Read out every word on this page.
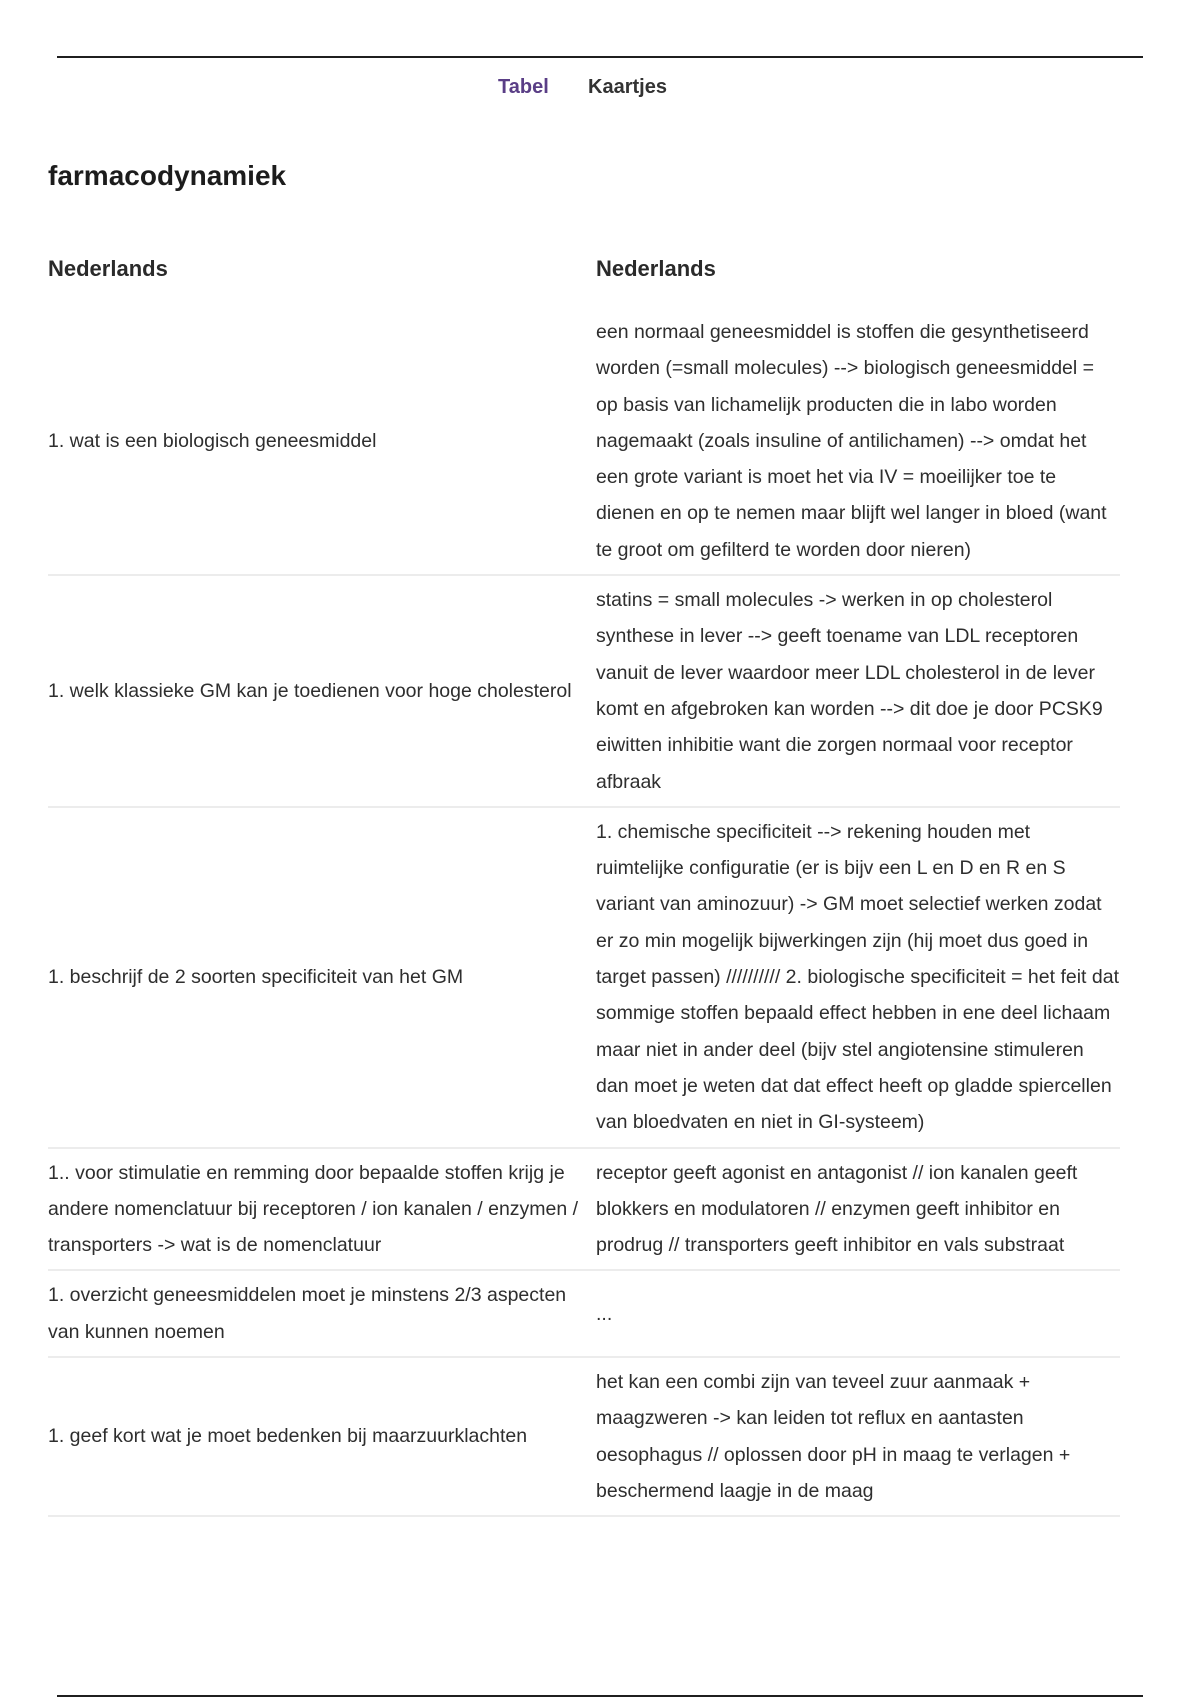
Tabel Kaartjes
farmacodynamiek
Nederlands	Nederlands
1. wat is een biologisch geneesmiddel
een normaal geneesmiddel is stoffen die gesynthetiseerd worden (=small molecules) --> biologisch geneesmiddel = op basis van lichamelijk producten die in labo worden nagemaakt (zoals insuline of antilichamen) --> omdat het een grote variant is moet het via IV = moeilijker toe te dienen en op te nemen maar blijft wel langer in bloed (want te groot om gefilterd te worden door nieren)
1. welk klassieke GM kan je toedienen voor hoge cholesterol
statins = small molecules -> werken in op cholesterol synthese in lever --> geeft toename van LDL receptoren vanuit de lever waardoor meer LDL cholesterol in de lever komt en afgebroken kan worden --> dit doe je door PCSK9 eiwitten inhibitie want die zorgen normaal voor receptor afbraak
1. beschrijf de 2 soorten specificiteit van het GM
1. chemische specificiteit --> rekening houden met ruimtelijke configuratie (er is bijv een L en D en R en S variant van aminozuur) -> GM moet selectief werken zodat er zo min mogelijk bijwerkingen zijn (hij moet dus goed in target passen) ////////// 2. biologische specificiteit = het feit dat sommige stoffen bepaald effect hebben in ene deel lichaam maar niet in ander deel (bijv stel angiotensine stimuleren dan moet je weten dat dat effect heeft op gladde spiercellen van bloedvaten en niet in GI-systeem)
1.. voor stimulatie en remming door bepaalde stoffen krijg je andere nomenclatuur bij receptoren / ion kanalen / enzymen / transporters -> wat is de nomenclatuur
receptor geeft agonist en antagonist // ion kanalen geeft blokkers en modulatoren // enzymen geeft inhibitor en prodrug // transporters geeft inhibitor en vals substraat
1. overzicht geneesmiddelen moet je minstens 2/3 aspecten van kunnen noemen
...
1. geef kort wat je moet bedenken bij maarzuurklachten
het kan een combi zijn van teveel zuur aanmaak + maagzweren -> kan leiden tot reflux en aantasten oesophagus // oplossen door pH in maag te verlagen + beschermend laagje in de maag
